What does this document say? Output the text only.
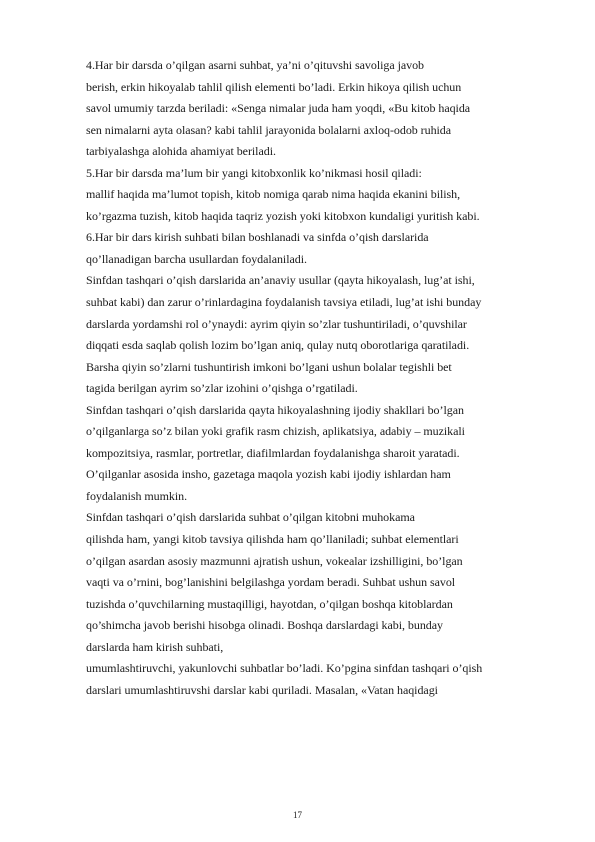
4.Har bir darsda o’qilgan asarni suhbat, ya’ni o’qituvshi savoliga javob
berish, erkin hikoyalab tahlil qilish elementi bo’ladi. Erkin hikoya qilish uchun
savol umumiy tarzda beriladi: «Senga nimalar juda ham yoqdi, «Bu kitob haqida
sen nimalarni ayta olasan? kabi tahlil jarayonida bolalarni axloq-odob ruhida
tarbiyalashga alohida ahamiyat beriladi.
5.Har bir darsda ma’lum bir yangi kitobxonlik ko’nikmasi hosil qiladi:
mallif haqida ma’lumot topish, kitob nomiga qarab nima haqida ekanini bilish,
ko’rgazma tuzish, kitob haqida taqriz yozish yoki kitobxon kundaligi yuritish kabi.
6.Har bir dars kirish suhbati bilan boshlanadi va sinfda o’qish darslarida
qo’llanadigan barcha usullardan foydalaniladi.
Sinfdan tashqari o’qish darslarida an’anaviy usullar (qayta hikoyalash, lug’at ishi,
suhbat kabi) dan zarur o’rinlardagina foydalanish tavsiya etiladi, lug’at ishi bunday
darslarda yordamshi rol o’ynaydi: ayrim qiyin so’zlar tushuntiriladi, o’quvshilar
diqqati esda saqlab qolish lozim bo’lgan aniq, qulay nutq oborotlariga qaratiladi.
Barsha qiyin so’zlarni tushuntirish imkoni bo’lgani ushun bolalar tegishli bet
tagida berilgan ayrim so’zlar izohini o’qishga o’rgatiladi.
Sinfdan tashqari o’qish darslarida qayta hikoyalashning ijodiy shakllari bo’lgan
o’qilganlarga so’z bilan yoki grafik rasm chizish, aplikatsiya, adabiy – muzikali
kompozitsiya, rasmlar, portretlar, diafilmlardan foydalanishga sharoit yaratadi.
O’qilganlar asosida insho, gazetaga maqola yozish kabi ijodiy ishlardan ham
foydalanish mumkin.
Sinfdan tashqari o’qish darslarida suhbat o’qilgan kitobni muhokama
qilishda ham, yangi kitob tavsiya qilishda ham qo’llaniladi; suhbat elementlari
o’qilgan asardan asosiy mazmunni ajratish ushun, vokealar izshilligini, bo’lgan
vaqti va o’rnini, bog’lanishini belgilashga yordam beradi. Suhbat ushun savol
tuzishda o’quvchilarning mustaqilligi, hayotdan, o’qilgan boshqa kitoblardan
qo’shimcha javob berishi hisobga olinadi. Boshqa darslardagi kabi, bunday
darslarda ham kirish suhbati,
umumlashtiruvchi, yakunlovchi suhbatlar bo’ladi. Ko’pgina sinfdan tashqari o’qish
darslari umumlashtiruvshi darslar kabi quriladi. Masalan, «Vatan haqidagi
17
